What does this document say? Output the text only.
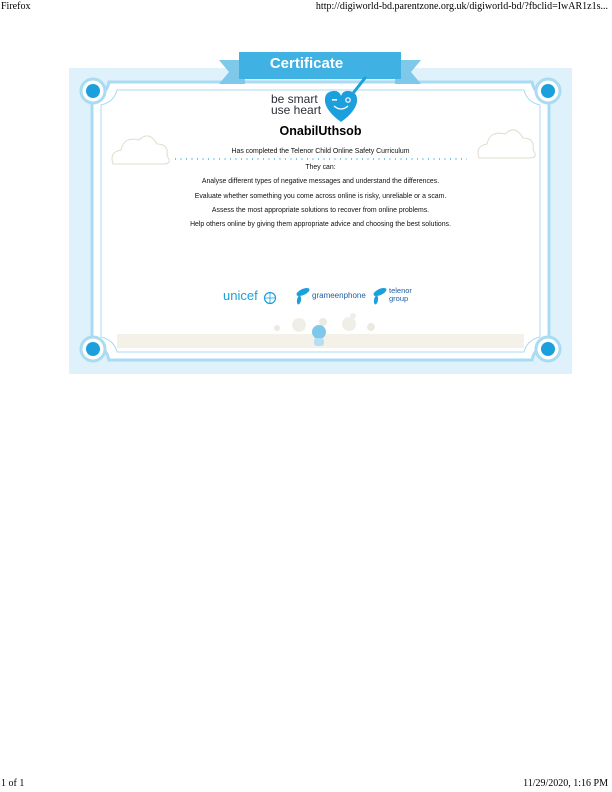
Firefox	http://digiworld-bd.parentzone.org.uk/digiworld-bd/?fbclid=IwAR1z1s...
Certificate
be smart
use heart
OnabilUthsob
Has completed the Telenor Child Online Safety Curriculum
They can:
Analyse different types of negative messages and understand the differences.
Evaluate whether something you come across online is risky, unreliable or a scam.
Assess the most appropriate solutions to recover from online problems.
Help others online by giving them appropriate advice and choosing the best solutions.
unicef	grameenphone
telenor
group
1 of 1	11/29/2020, 1:16 PM
